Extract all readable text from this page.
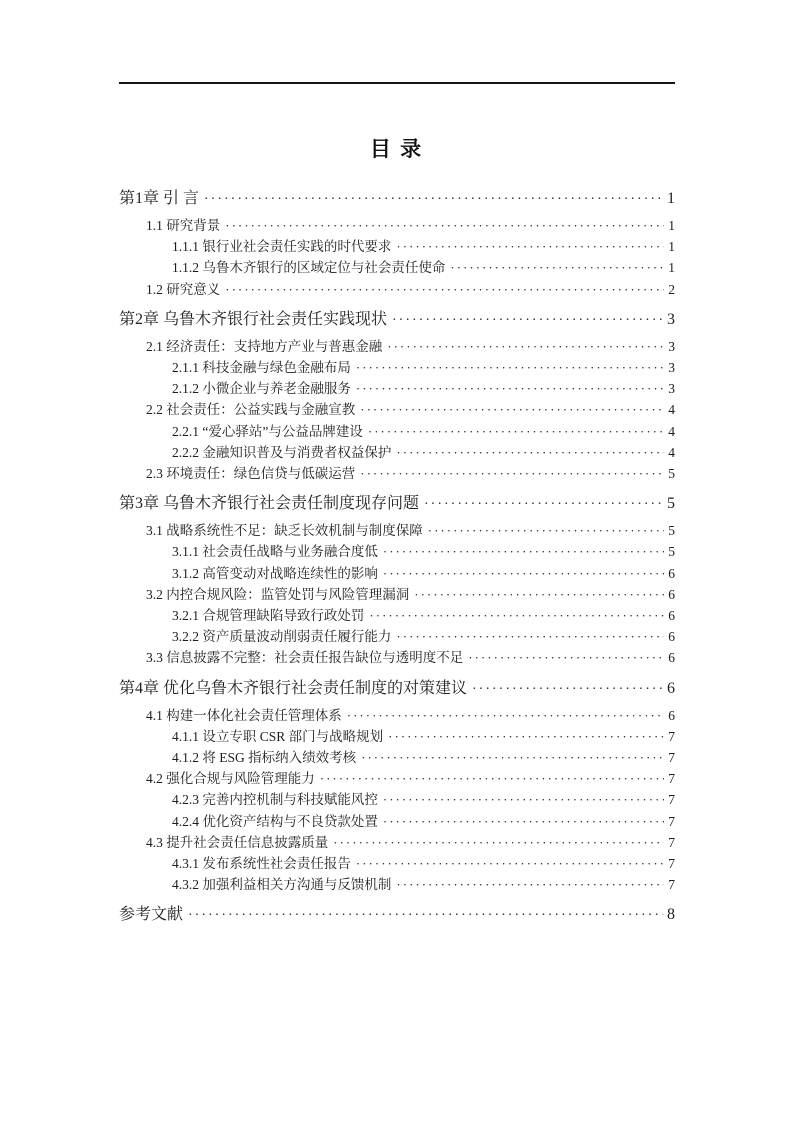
目 录
第1章 引 言 ·····	1
1.1 研究背景 ·····	1
1.1.1 银行业社会责任实践的时代要求 ·····	1
1.1.2 乌鲁木齐银行的区域定位与社会责任使命 ·····	1
1.2 研究意义 ·····	2
第2章 乌鲁木齐银行社会责任实践现状 ·····	3
2.1 经济责任：支持地方产业与普惠金融 ·····	3
2.1.1 科技金融与绿色金融布局 ·····	3
2.1.2 小微企业与养老金融服务 ·····	3
2.2 社会责任：公益实践与金融宣教 ·····	4
2.2.1 “爱心驿站”与公益品牌建设 ·····	4
2.2.2 金融知识普及与消费者权益保护 ·····	4
2.3 环境责任：绿色信贷与低碳运营 ·····	5
第3章 乌鲁木齐银行社会责任制度现存问题 ·····	5
3.1 战略系统性不足：缺乏长效机制与制度保障 ·····	5
3.1.1 社会责任战略与业务融合度低 ·····	5
3.1.2 高管变动对战略连续性的影响 ·····	6
3.2 内控合规风险：监管处罚与风险管理漏洞 ·····	6
3.2.1 合规管理缺陷导致行政处罚 ·····	6
3.2.2 资产质量波动削弱责任履行能力 ·····	6
3.3 信息披露不完整：社会责任报告缺位与透明度不足 ·····	6
第4章 优化乌鲁木齐银行社会责任制度的对策建议 ·····	6
4.1 构建一体化社会责任管理体系 ·····	6
4.1.1 设立专职 CSR 部门与战略规划 ·····	7
4.1.2 将 ESG 指标纳入绩效考核 ·····	7
4.2 强化合规与风险管理能力 ·····	7
4.2.3 完善内控机制与科技赋能风控 ·····	7
4.2.4 优化资产结构与不良贷款处置 ·····	7
4.3 提升社会责任信息披露质量 ·····	7
4.3.1 发布系统性社会责任报告 ·····	7
4.3.2 加强利益相关方沟通与反馈机制 ·····	7
参考文献 ·····	8
